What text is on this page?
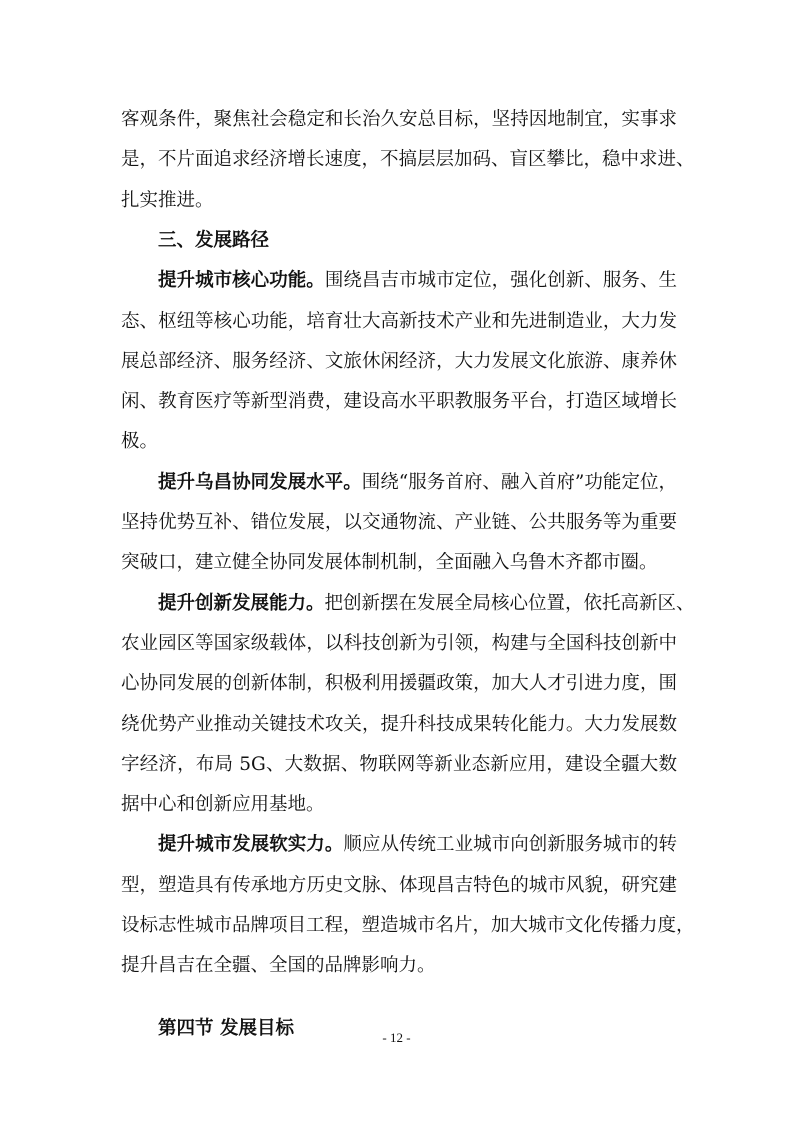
客观条件，聚焦社会稳定和长治久安总目标，坚持因地制宜，实事求
是，不片面追求经济增长速度，不搞层层加码、盲区攀比，稳中求进、
扎实推进。
三、发展路径
提升城市核心功能。围绕昌吉市城市定位，强化创新、服务、生
态、枢纽等核心功能，培育壮大高新技术产业和先进制造业，大力发
展总部经济、服务经济、文旅休闲经济，大力发展文化旅游、康养休
闲、教育医疗等新型消费，建设高水平职教服务平台，打造区域增长
极。
提升乌昌协同发展水平。围绕“服务首府、融入首府”功能定位，
坚持优势互补、错位发展，以交通物流、产业链、公共服务等为重要
突破口，建立健全协同发展体制机制，全面融入乌鲁木齐都市圈。
提升创新发展能力。把创新摆在发展全局核心位置，依托高新区、
农业园区等国家级载体，以科技创新为引领，构建与全国科技创新中
心协同发展的创新体制，积极利用援疆政策，加大人才引进力度，围
绕优势产业推动关键技术攻关，提升科技成果转化能力。大力发展数
字经济，布局 5G、大数据、物联网等新业态新应用，建设全疆大数
据中心和创新应用基地。
提升城市发展软实力。顺应从传统工业城市向创新服务城市的转
型，塑造具有传承地方历史文脉、体现昌吉特色的城市风貌，研究建
设标志性城市品牌项目工程，塑造城市名片，加大城市文化传播力度，
提升昌吉在全疆、全国的品牌影响力。
第四节 发展目标	- 12 -
